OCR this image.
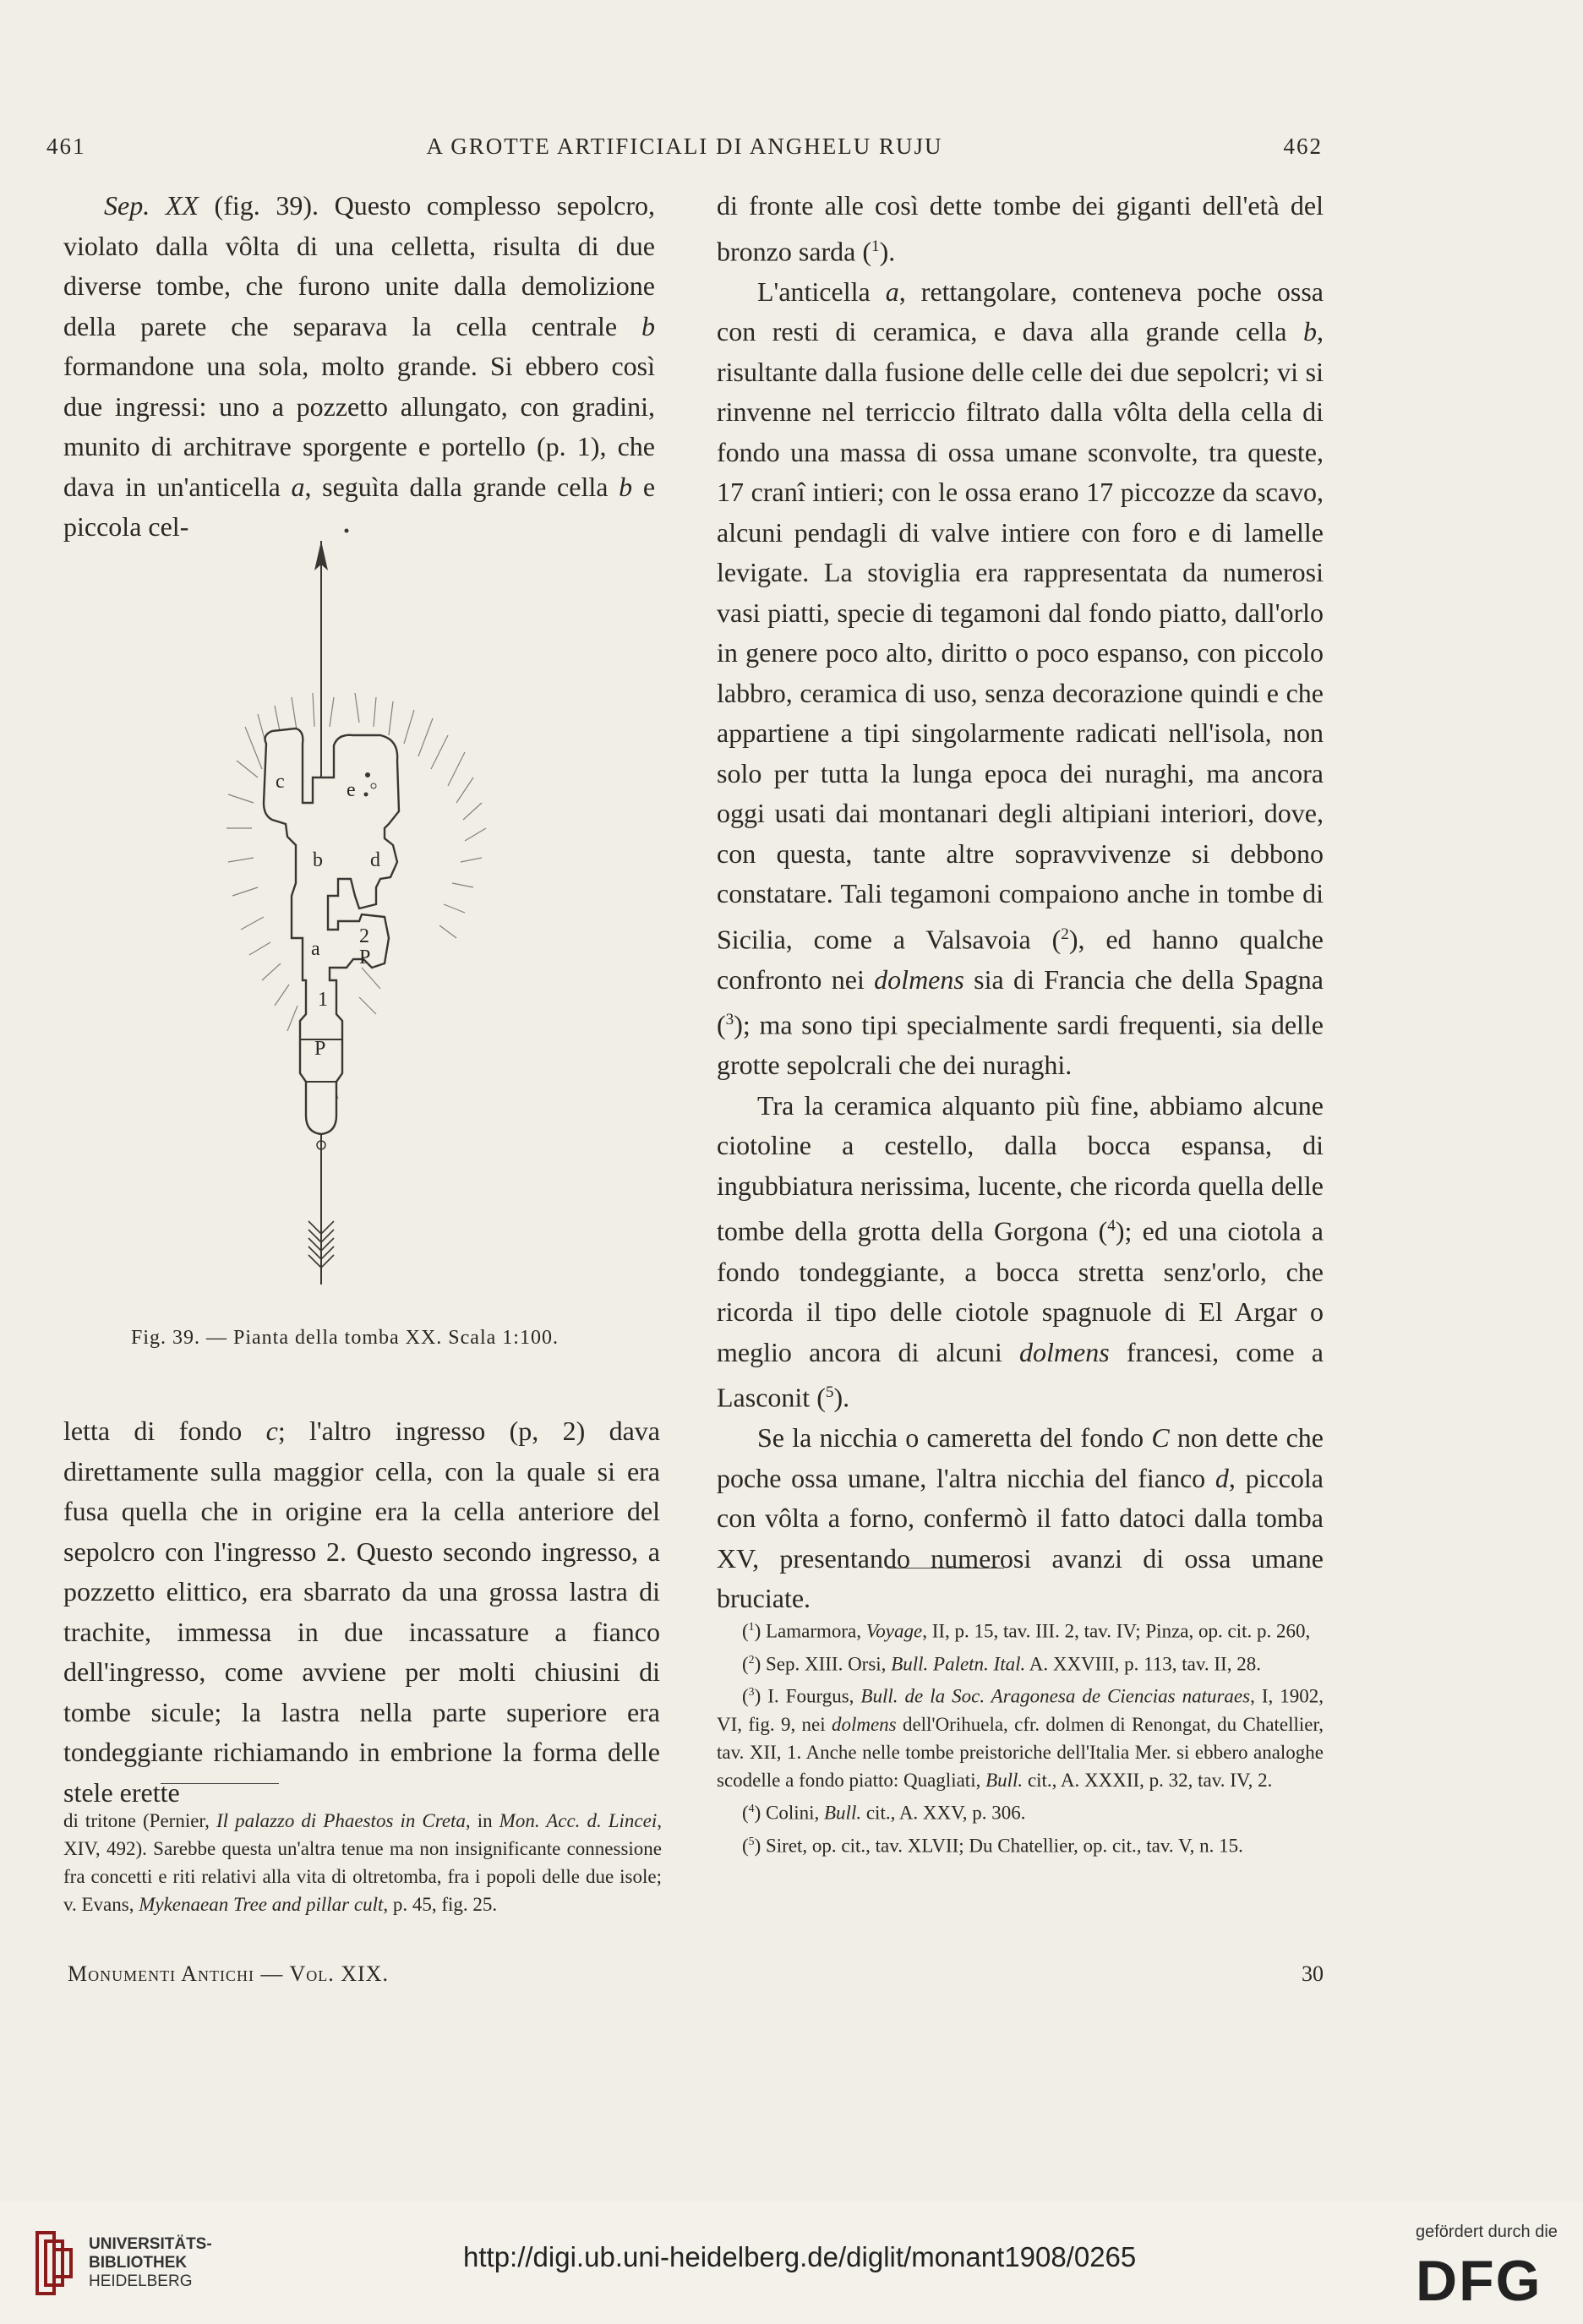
461	A GROTTE ARTIFICIALI DI ANGHELU RUJU	462

Sep. XX (fig. 39). Questo complesso sepolcro, violato dalla vôlta di una celletta, risulta di due diverse tombe, che furono unite dalla demolizione della parete che separava la cella centrale b formandone una sola, molto grande. Si ebbero così due ingressi: uno a pozzetto allungato, con gradini, munito di architrave sporgente e portello (p. 1), che dava in un'anticella a, seguìta dalla grande cella b e piccola cel-

c	e
b d
a
2
P
1
P
Fig. 39. — Pianta della tomba XX. Scala 1:100.

letta di fondo c; l'altro ingresso (p, 2) dava direttamente sulla maggior cella, con la quale si era fusa quella che in origine era la cella anteriore del sepolcro con l'ingresso 2. Questo secondo ingresso, a pozzetto elittico, era sbarrato da una grossa lastra di trachite, immessa in due incassature a fianco dell'ingresso, come avviene per molti chiusini di tombe sicule; la lastra nella parte superiore era tondeggiante richiamando in embrione la forma delle stele erette

di fronte alle così dette tombe dei giganti dell'età del bronzo sarda ($^1$).

L'anticella a, rettangolare, conteneva poche ossa con resti di ceramica, e dava alla grande cella b, risultante dalla fusione delle celle dei due sepolcri; vi si rinvenne nel terriccio filtrato dalla vôlta della cella di fondo una massa di ossa umane sconvolte, tra queste, 17 cranî intieri; con le ossa erano 17 piccozze da scavo, alcuni pendagli di valve intiere con foro e di lamelle levigate. La stoviglia era rappresentata da numerosi vasi piatti, specie di tegamoni dal fondo piatto, dall'orlo in genere poco alto, diritto o poco espanso, con piccolo labbro, ceramica di uso, senza decorazione quindi e che appartiene a tipi singolarmente radicati nell'isola, non solo per tutta la lunga epoca dei nuraghi, ma ancora oggi usati dai montanari degli altipiani interiori, dove, con questa, tante altre sopravvivenze si debbono constatare. Tali tegamoni compaiono anche in tombe di Sicilia, come a Valsavoia ($^2$), ed hanno qualche confronto nei dolmens sia di Francia che della Spagna ($^3$); ma sono tipi specialmente sardi frequenti, sia delle grotte sepolcrali che dei nuraghi.

Tra la ceramica alquanto più fine, abbiamo alcune ciotoline a cestello, dalla bocca espansa, di ingubbiatura nerissima, lucente, che ricorda quella delle tombe della grotta della Gorgona ($^4$); ed una ciotola a fondo tondeggiante, a bocca stretta senz'orlo, che ricorda il tipo delle ciotole spagnuole di El Argar o meglio ancora di alcuni dolmens francesi, come a Lasconit ($^5$).

Se la nicchia o cameretta del fondo C non dette che poche ossa umane, l'altra nicchia del fianco d, piccola con vôlta a forno, confermò il fatto datoci dalla tomba XV, presentando numerosi avanzi di ossa umane bruciate.

($^1$) Lamarmora, Voyage, II, p. 15, tav. III. 2, tav. IV; Pinza, op. cit. p. 260,

($^2$) Sep. XIII. Orsi, Bull. Paletn. Ital. A. XXVIII, p. 113, tav. II, 28.

($^3$) I. Fourgus, Bull. de la Soc. Aragonesa de Ciencias naturaes, I, 1902, VI, fig. 9, nei dolmens dell'Orihuela, cfr. dolmen di Renongat, du Chatellier, tav. XII, 1. Anche nelle tombe preistoriche dell'Italia Mer. si ebbero analoghe scodelle a fondo piatto: Quagliati, Bull. cit., A. XXXII, p. 32, tav. IV, 2.

($^4$) Colini, Bull. cit., A. XXV, p. 306.

($^5$) Siret, op. cit., tav. XLVII; Du Chatellier, op. cit., tav. V, n. 15.

di tritone (Pernier, Il palazzo di Phaestos in Creta, in Mon. Acc. d. Lincei, XIV, 492). Sarebbe questa un'altra tenue ma non insignificante connessione fra concetti e riti relativi alla vita di oltretomba, fra i popoli delle due isole; v. Evans, Mykenaean Tree and pillar cult, p. 45, fig. 25.

Monumenti Antichi — Vol. XIX.	30
UNIVERSITÄTS-
BIBLIOTHEK
HEIDELBERG
http://digi.ub.uni-heidelberg.de/diglit/monant1908/0265
gefördert durch die
DFG
